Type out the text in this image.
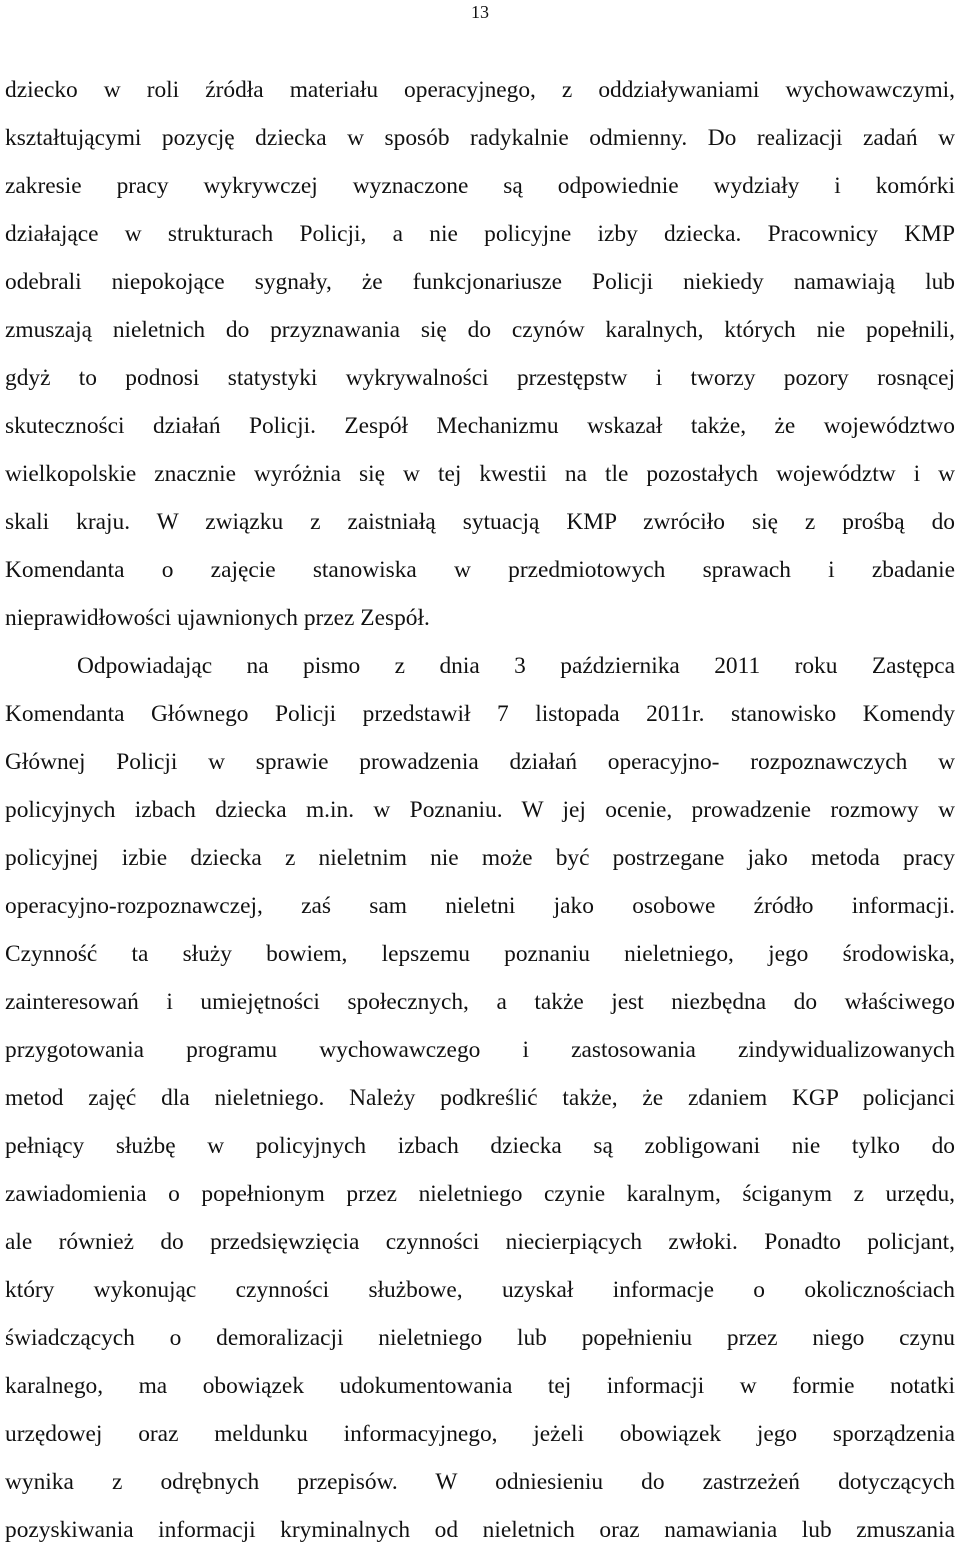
13
dziecko w roli źródła materiału operacyjnego, z oddziaływaniami wychowawczymi,
kształtującymi pozycję dziecka w sposób radykalnie odmienny. Do realizacji zadań w
zakresie pracy wykrywczej wyznaczone są odpowiednie wydziały i komórki
działające w strukturach Policji, a nie policyjne izby dziecka. Pracownicy KMP
odebrali niepokojące sygnały, że funkcjonariusze Policji niekiedy namawiają lub
zmuszają nieletnich do przyznawania się do czynów karalnych, których nie popełnili,
gdyż to podnosi statystyki wykrywalności przestępstw i tworzy pozory rosnącej
skuteczności działań Policji. Zespół Mechanizmu wskazał także, że województwo
wielkopolskie znacznie wyróżnia się w tej kwestii na tle pozostałych województw i w
skali kraju. W związku z zaistniałą sytuacją KMP zwróciło się z prośbą do
Komendanta o zajęcie stanowiska w przedmiotowych sprawach i zbadanie
nieprawidłowości ujawnionych przez Zespół.
Odpowiadając na pismo z dnia 3 października 2011 roku Zastępca
Komendanta Głównego Policji przedstawił 7 listopada 2011r. stanowisko Komendy
Głównej Policji w sprawie prowadzenia działań operacyjno- rozpoznawczych w
policyjnych izbach dziecka m.in. w Poznaniu. W jej ocenie, prowadzenie rozmowy w
policyjnej izbie dziecka z nieletnim nie może być postrzegane jako metoda pracy
operacyjno-rozpoznawczej, zaś sam nieletni jako osobowe źródło informacji.
Czynność ta służy bowiem, lepszemu poznaniu nieletniego, jego środowiska,
zainteresowań i umiejętności społecznych, a także jest niezbędna do właściwego
przygotowania programu wychowawczego i zastosowania zindywidualizowanych
metod zajęć dla nieletniego. Należy podkreślić także, że zdaniem KGP policjanci
pełniący służbę w policyjnych izbach dziecka są zobligowani nie tylko do
zawiadomienia o popełnionym przez nieletniego czynie karalnym, ściganym z urzędu,
ale również do przedsięwzięcia czynności niecierpiących zwłoki. Ponadto policjant,
który wykonując czynności służbowe, uzyskał informacje o okolicznościach
świadczących o demoralizacji nieletniego lub popełnieniu przez niego czynu
karalnego, ma obowiązek udokumentowania tej informacji w formie notatki
urzędowej oraz meldunku informacyjnego, jeżeli obowiązek jego sporządzenia
wynika z odrębnych przepisów. W odniesieniu do zastrzeżeń dotyczących
pozyskiwania informacji kryminalnych od nieletnich oraz namawiania lub zmuszania
